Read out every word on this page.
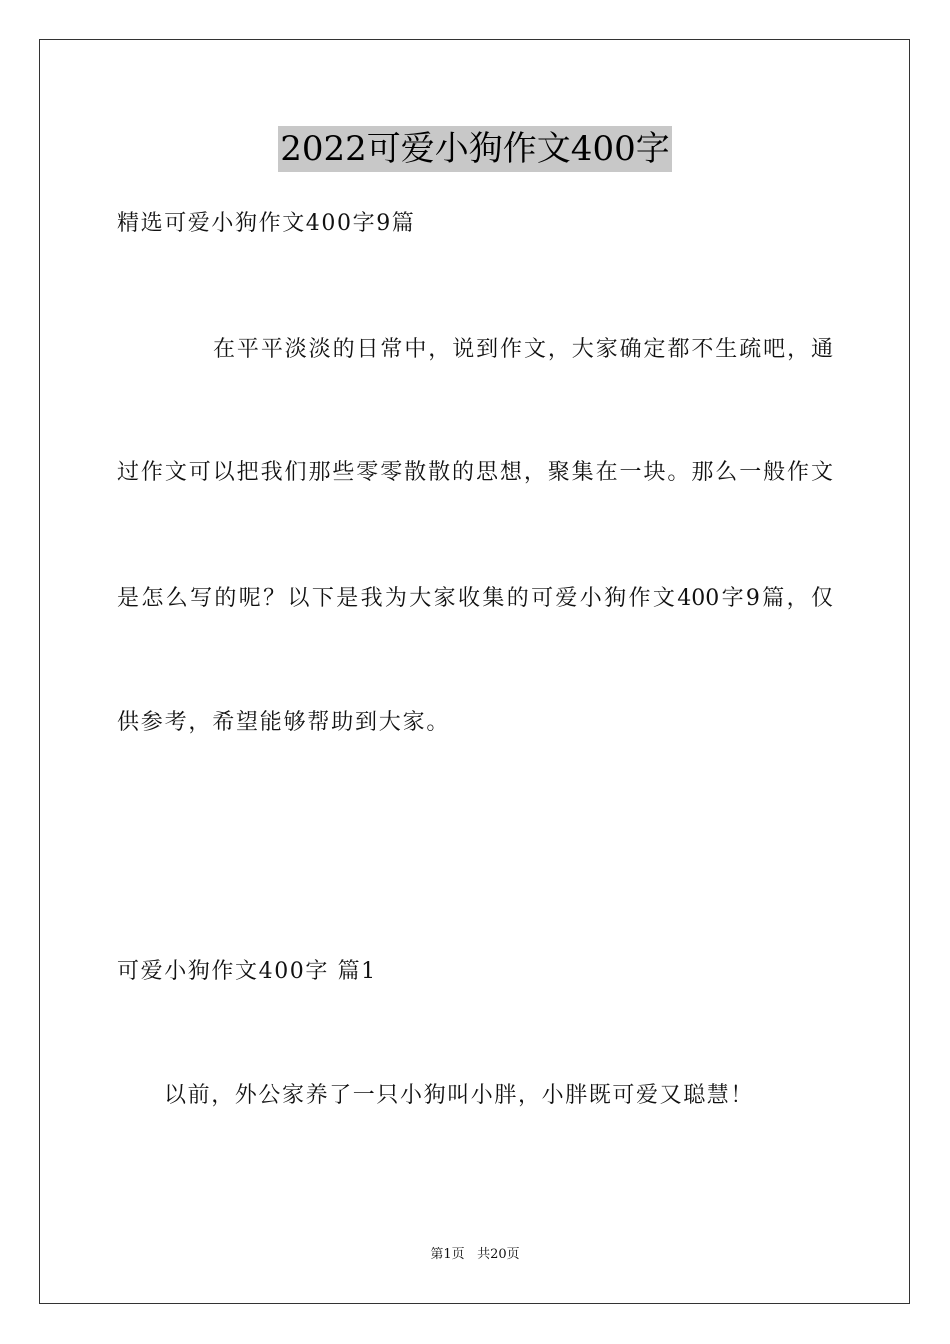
2022可爱小狗作文400字
精选可爱小狗作文400字9篇
在平平淡淡的日常中，说到作文，大家确定都不生疏吧，通
过作文可以把我们那些零零散散的思想，聚集在一块。那么一般作文
是怎么写的呢？以下是我为大家收集的可爱小狗作文400字9篇，仅
供参考，希望能够帮助到大家。
可爱小狗作文400字 篇1
以前，外公家养了一只小狗叫小胖，小胖既可爱又聪慧！
第1页 共20页
